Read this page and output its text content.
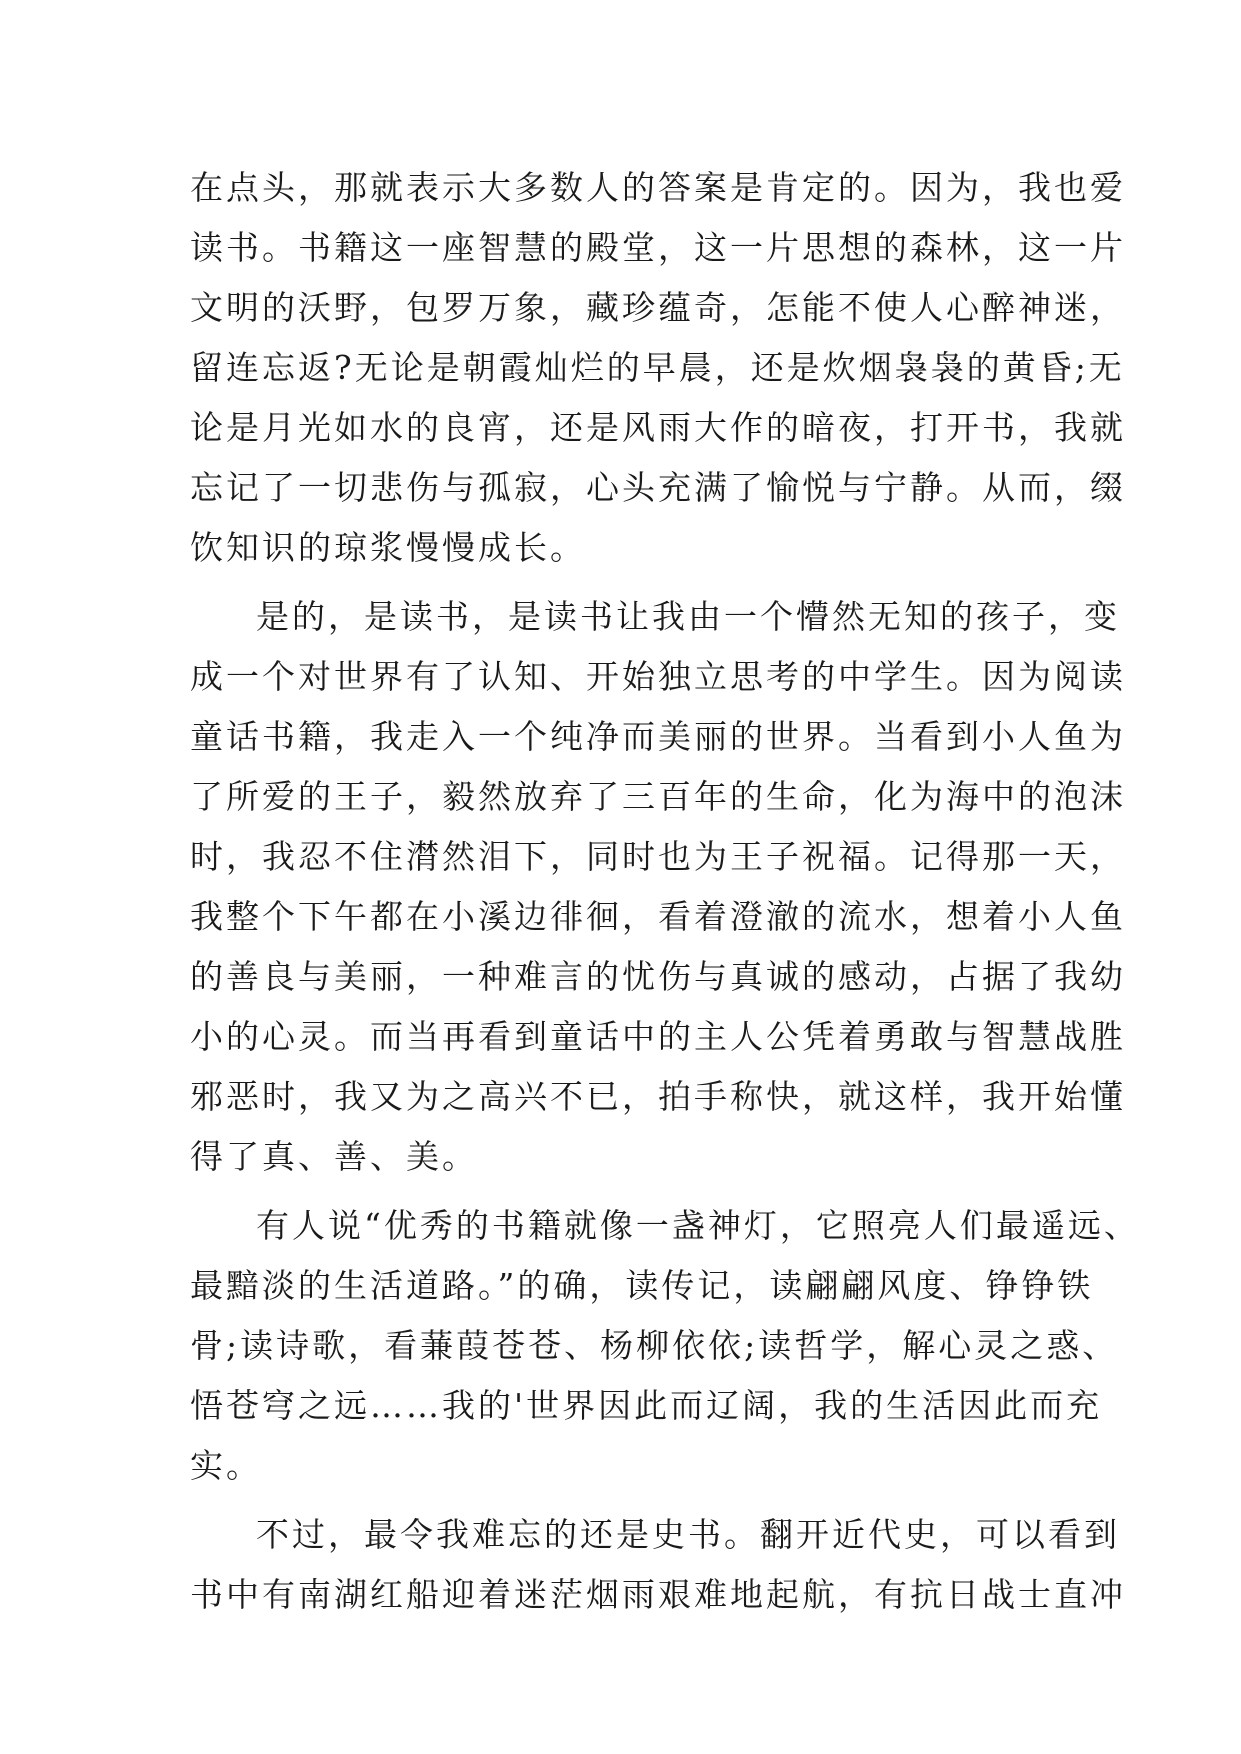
在点头，那就表示大多数人的答案是肯定的。因为，我也爱
读书。书籍这一座智慧的殿堂，这一片思想的森林，这一片
文明的沃野，包罗万象，藏珍蕴奇，怎能不使人心醉神迷，
留连忘返?无论是朝霞灿烂的早晨，还是炊烟袅袅的黄昏;无
论是月光如水的良宵，还是风雨大作的暗夜，打开书，我就
忘记了一切悲伤与孤寂，心头充满了愉悦与宁静。从而，缀
饮知识的琼浆慢慢成长。
是的，是读书，是读书让我由一个懵然无知的孩子，变
成一个对世界有了认知、开始独立思考的中学生。因为阅读
童话书籍，我走入一个纯净而美丽的世界。当看到小人鱼为
了所爱的王子，毅然放弃了三百年的生命，化为海中的泡沫
时，我忍不住潸然泪下，同时也为王子祝福。记得那一天，
我整个下午都在小溪边徘徊，看着澄澈的流水，想着小人鱼
的善良与美丽，一种难言的忧伤与真诚的感动，占据了我幼
小的心灵。而当再看到童话中的主人公凭着勇敢与智慧战胜
邪恶时，我又为之高兴不已，拍手称快，就这样，我开始懂
得了真、善、美。
有人说“优秀的书籍就像一盏神灯，它照亮人们最遥远、
最黯淡的生活道路。”的确，读传记，读翩翩风度、铮铮铁
骨;读诗歌，看蒹葭苍苍、杨柳依依;读哲学，解心灵之惑、
悟苍穹之远……我的'世界因此而辽阔，我的生活因此而充
实。
不过，最令我难忘的还是史书。翻开近代史，可以看到
书中有南湖红船迎着迷茫烟雨艰难地起航，有抗日战士直冲
